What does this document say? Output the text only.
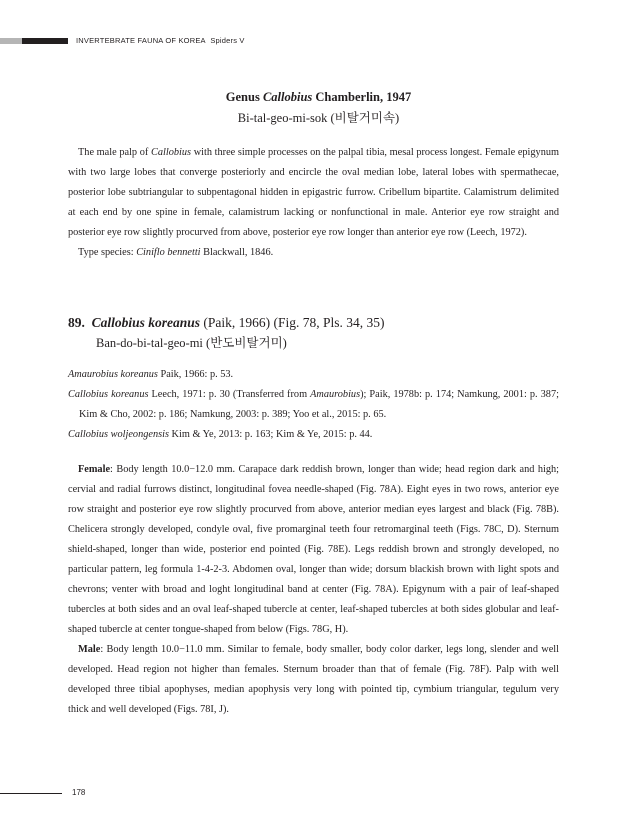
INVERTEBRATE FAUNA OF KOREA Spiders V
Genus Callobius Chamberlin, 1947
Bi-tal-geo-mi-sok (비탈거미속)

The male palp of Callobius with three simple processes on the palpal tibia, mesal process longest. Female epigynum with two large lobes that converge posteriorly and encircle the oval median lobe, lateral lobes with spermathecae, posterior lobe subtriangular to subpentagonal hidden in epigastric furrow. Cribellum bipartite. Calamistrum delimited at each end by one spine in female, calamistrum lacking or nonfunctional in male. Anterior eye row straight and posterior eye row slightly procurved from above, posterior eye row longer than anterior eye row (Leech, 1972).

Type species: Ciniflo bennetti Blackwall, 1846.

89. Callobius koreanus (Paik, 1966) (Fig. 78, Pls. 34, 35)
Ban-do-bi-tal-geo-mi (반도비탈거미)

Amaurobius koreanus Paik, 1966: p. 53.

Callobius koreanus Leech, 1971: p. 30 (Transferred from Amaurobius); Paik, 1978b: p. 174; Namkung, 2001: p. 387; Kim & Cho, 2002: p. 186; Namkung, 2003: p. 389; Yoo et al., 2015: p. 65.

Callobius woljeongensis Kim & Ye, 2013: p. 163; Kim & Ye, 2015: p. 44.

Female: Body length 10.0−12.0 mm. Carapace dark reddish brown, longer than wide; head region dark and high; cervial and radial furrows distinct, longitudinal fovea needle-shaped (Fig. 78A). Eight eyes in two rows, anterior eye row straight and posterior eye row slightly procurved from above, anterior median eyes largest and black (Fig. 78B). Chelicera strongly developed, condyle oval, five promarginal teeth four retromarginal teeth (Figs. 78C, D). Sternum shield-shaped, longer than wide, posterior end pointed (Fig. 78E). Legs reddish brown and strongly developed, no particular pattern, leg formula 1-4-2-3. Abdomen oval, longer than wide; dorsum blackish brown with light spots and chevrons; venter with broad and loght longitudinal band at center (Fig. 78A). Epigynum with a pair of leaf-shaped tubercles at both sides and an oval leaf-shaped tubercle at center, leaf-shaped tubercles at both sides globular and leaf-shaped tubercle at center tongue-shaped from below (Figs. 78G, H).

Male: Body length 10.0−11.0 mm. Similar to female, body smaller, body color darker, legs long, slender and well developed. Head region not higher than females. Sternum broader than that of female (Fig. 78F). Palp with well developed three tibial apophyses, median apophysis very long with pointed tip, cymbium triangular, tegulum very thick and well developed (Figs. 78I, J).

178
